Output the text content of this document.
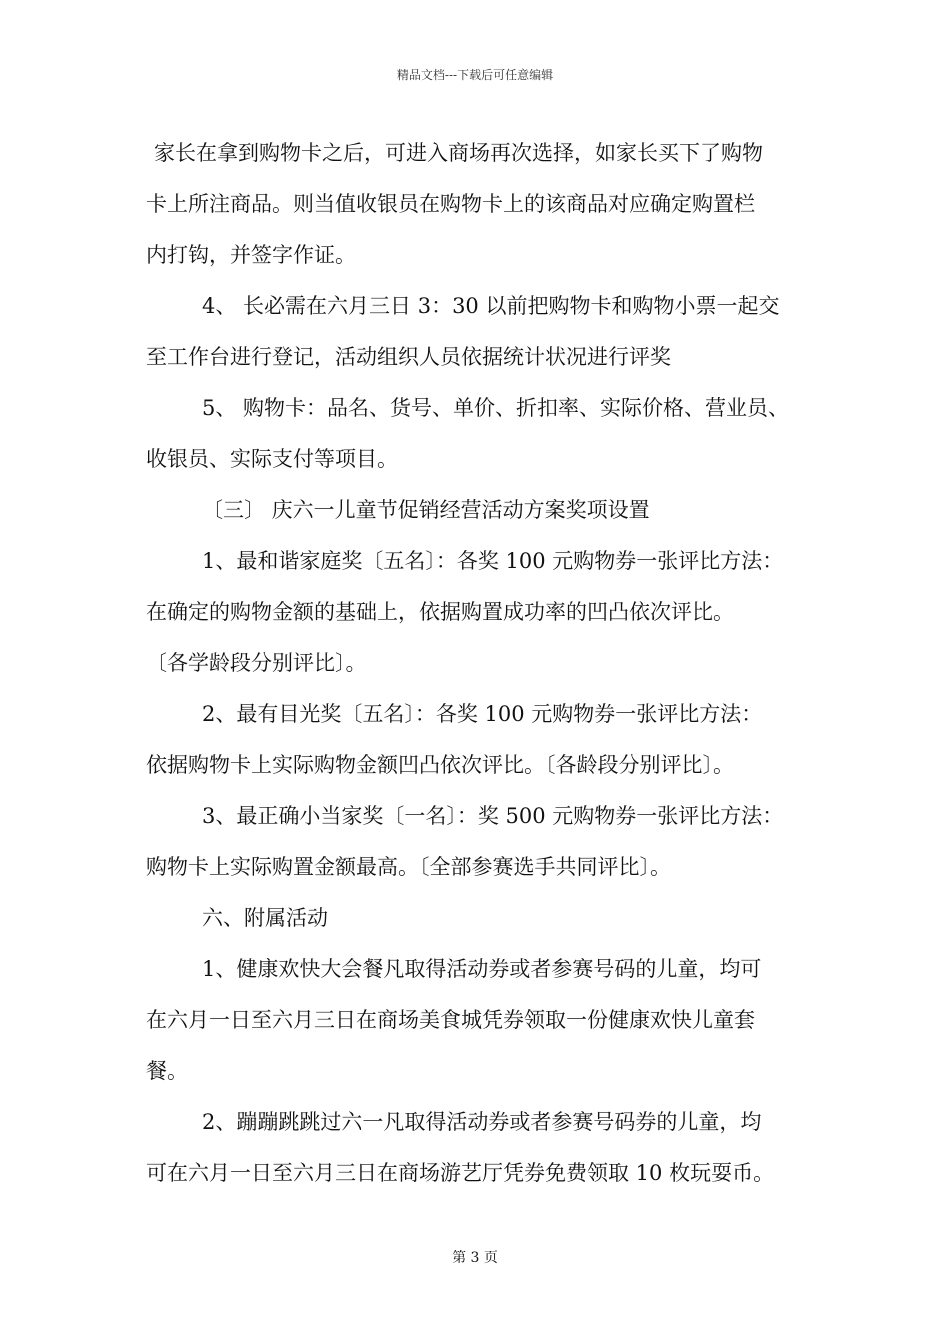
精品文档---下载后可任意编辑

家长在拿到购物卡之后，可进入商场再次选择，如家长买下了购物

卡上所注商品。则当值收银员在购物卡上的该商品对应确定购置栏

内打钩，并签字作证。

4、 长必需在六月三日 3：30 以前把购物卡和购物小票一起交

至工作台进行登记，活动组织人员依据统计状况进行评奖

5、 购物卡：品名、货号、单价、折扣率、实际价格、营业员、

收银员、实际支付等项目。

〔三〕 庆六一儿童节促销经营活动方案奖项设置

1、最和谐家庭奖〔五名〕：各奖 100 元购物券一张评比方法：

在确定的购物金额的基础上，依据购置成功率的凹凸依次评比。

〔各学龄段分别评比〕。

2、最有目光奖〔五名〕：各奖 100 元购物券一张评比方法：

依据购物卡上实际购物金额凹凸依次评比。〔各龄段分别评比〕。

3、最正确小当家奖〔一名〕：奖 500 元购物券一张评比方法：

购物卡上实际购置金额最高。〔全部参赛选手共同评比〕。

六、附属活动

1、健康欢快大会餐凡取得活动券或者参赛号码的儿童，均可

在六月一日至六月三日在商场美食城凭券领取一份健康欢快儿童套

餐。

2、蹦蹦跳跳过六一凡取得活动券或者参赛号码券的儿童，均

可在六月一日至六月三日在商场游艺厅凭券免费领取 10 枚玩耍币。

第 3 页
